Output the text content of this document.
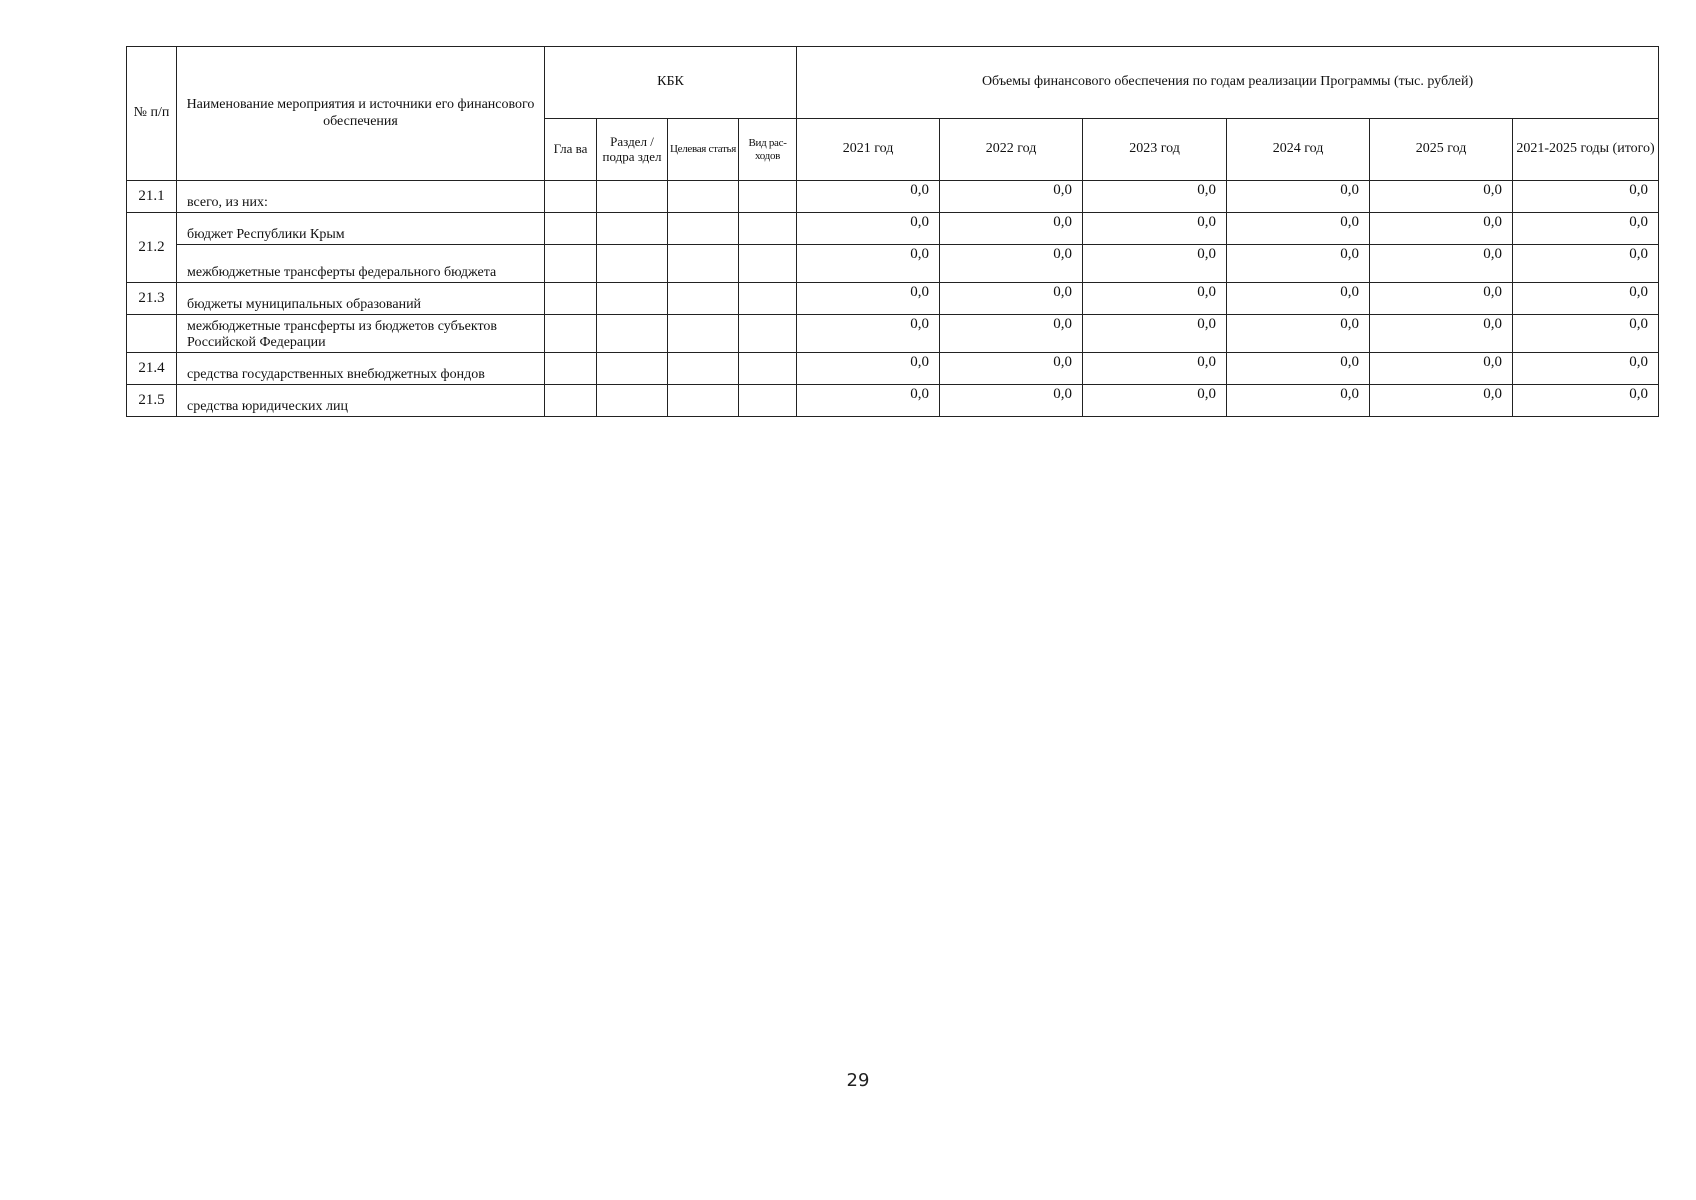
№ п/п	Наименование мероприятия и источники его финансового обеспечения	КБК				Объемы финансового обеспечения по годам реализации Программы (тыс. рублей)					
		Гла ва	Раздел /подра здел	Целевая статья	Вид рас- ходов	2021 год	2022 год	2023 год	2024 год	2025 год	2021-2025 годы (итого)
21.1	всего, из них:					0,0	0,0	0,0	0,0	0,0	0,0
21.2	бюджет Республики Крым					0,0	0,0	0,0	0,0	0,0	0,0
	межбюджетные трансферты федерального бюджета					0,0	0,0	0,0	0,0	0,0	0,0
21.3	бюджеты муниципальных образований					0,0	0,0	0,0	0,0	0,0	0,0
	межбюджетные трансферты из бюджетов субъектов Российской Федерации					0,0	0,0	0,0	0,0	0,0	0,0
21.4	средства государственных внебюджетных фондов					0,0	0,0	0,0	0,0	0,0	0,0
21.5	средства юридических лиц					0,0	0,0	0,0	0,0	0,0	0,0
29
